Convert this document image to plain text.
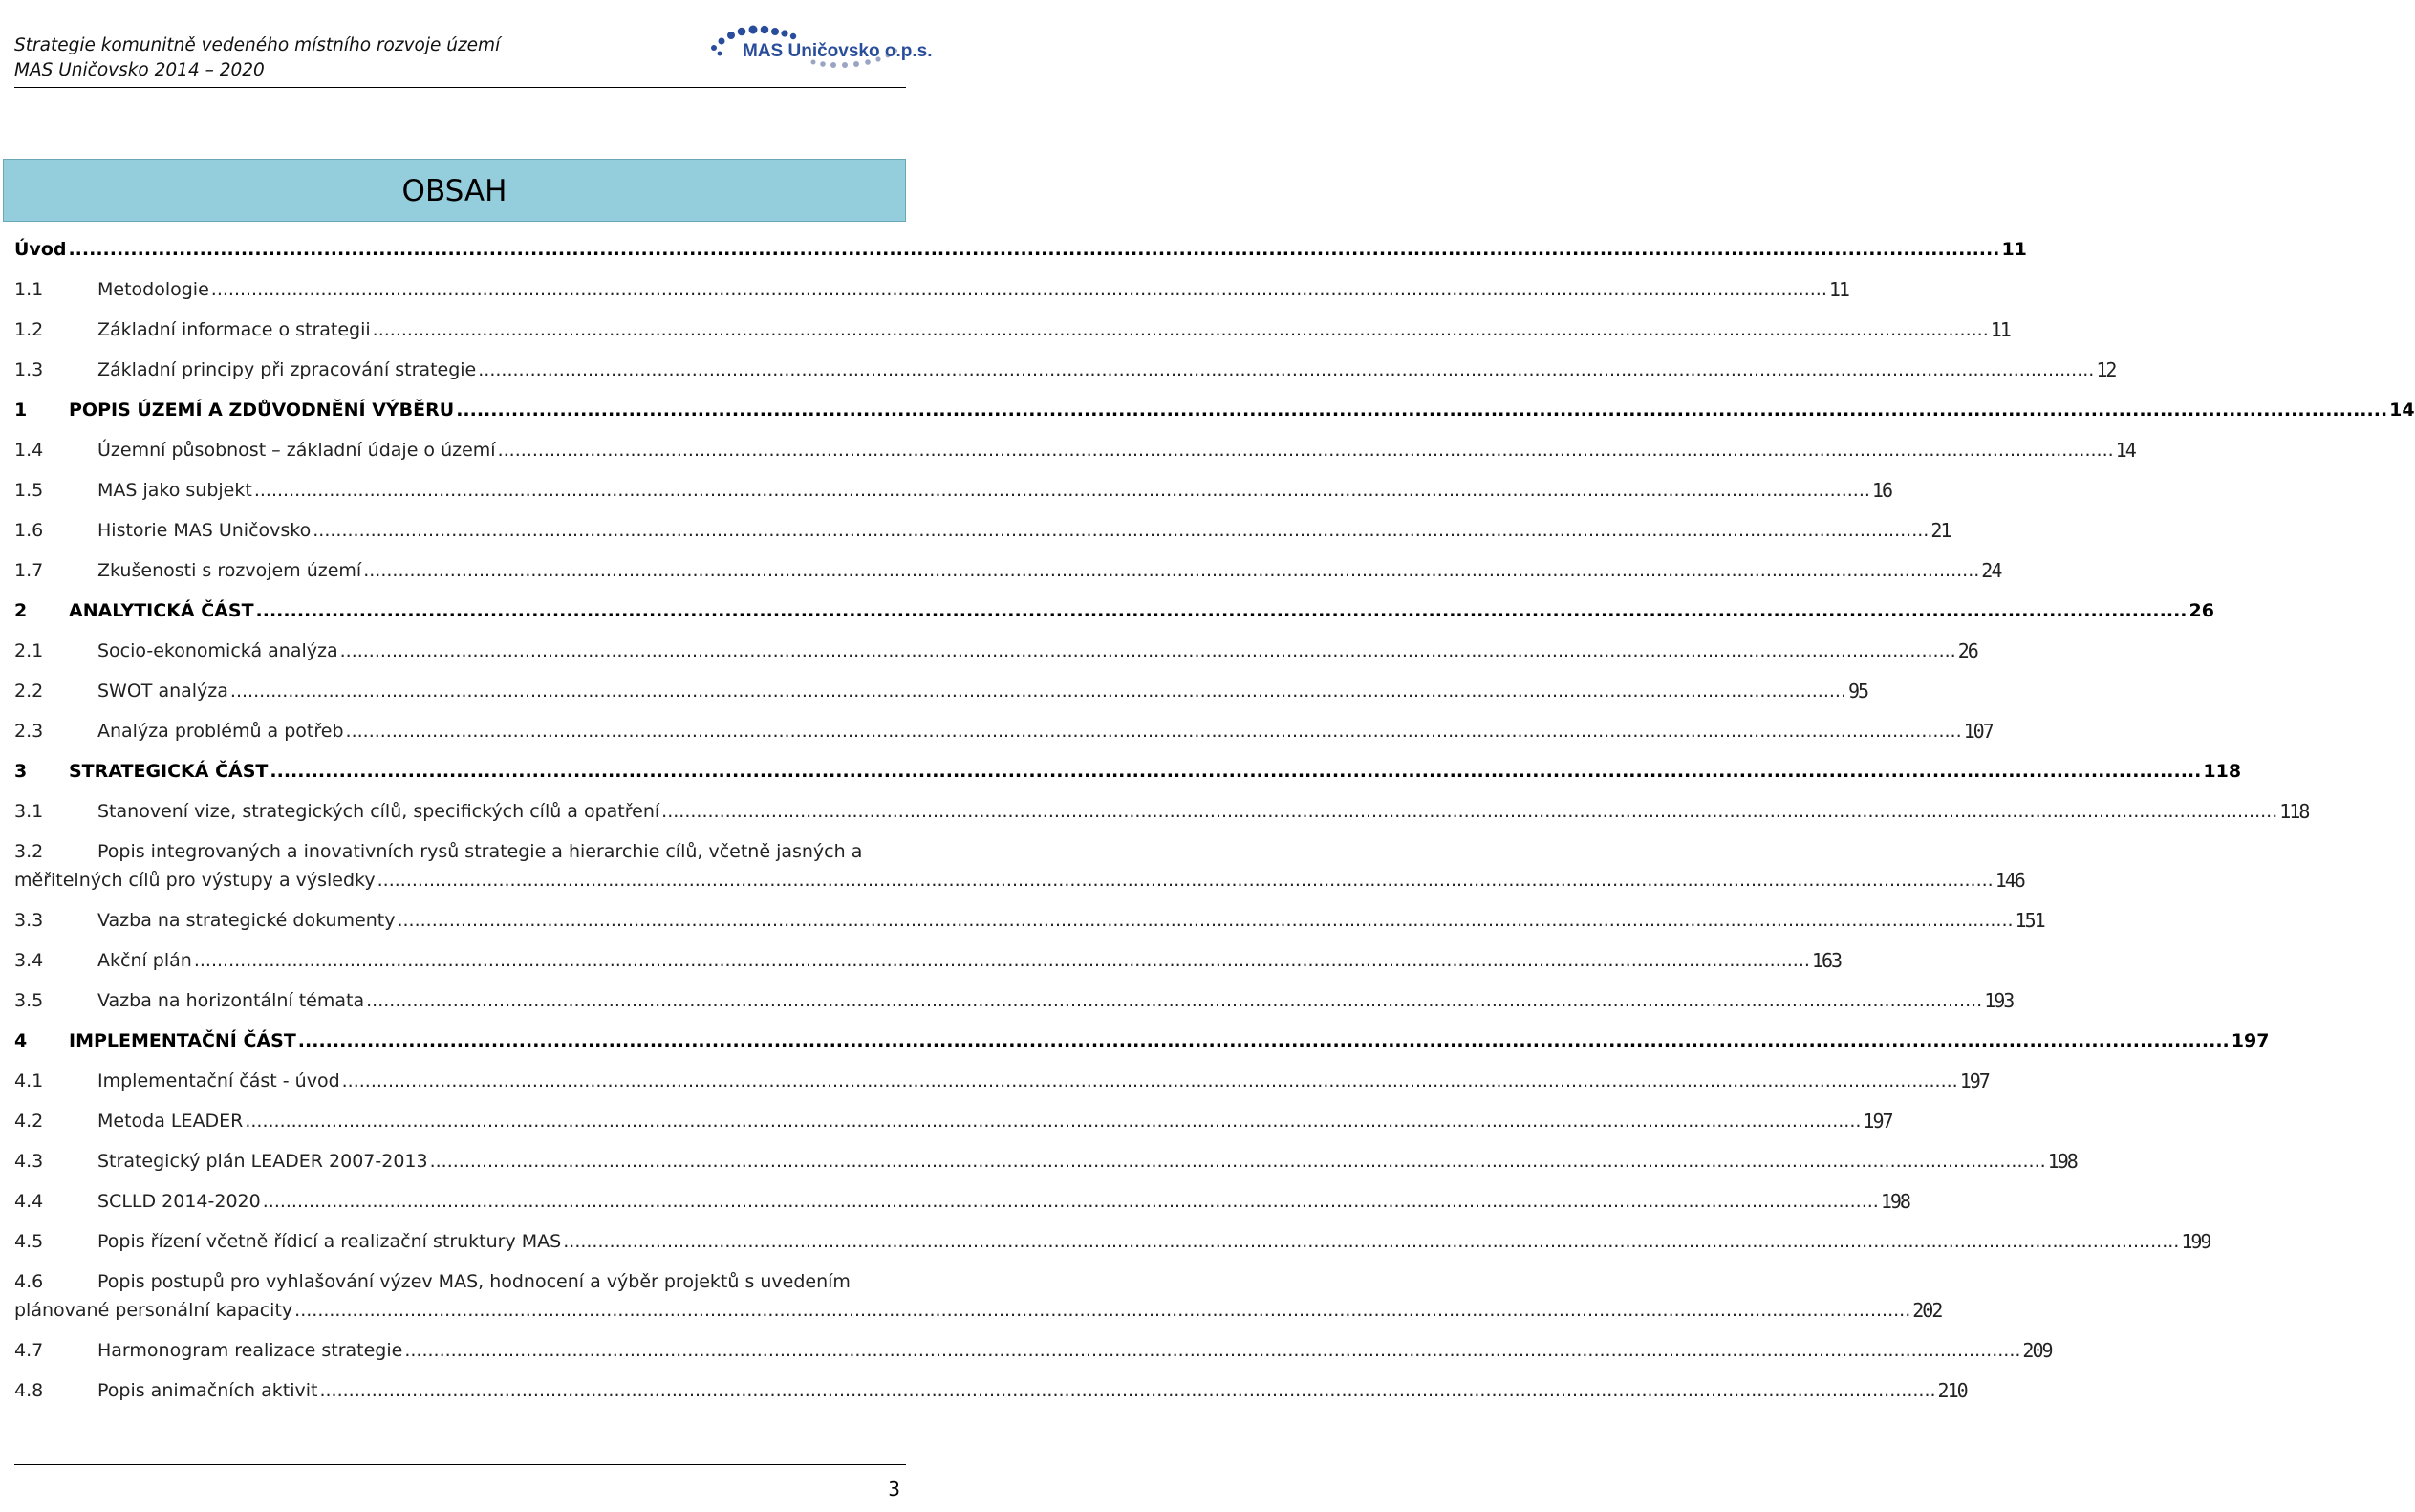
Strategie komunitně vedeného místního rozvoje území
MAS Uničovsko 2014 – 2020
MAS Uničovsko o.p.s.
OBSAH
Úvod .....	11
1.1	Metodologie .....	11
1.2	Základní informace o strategii .....	11
1.3	Základní principy při zpracování strategie .....	12
1	POPIS ÚZEMÍ A ZDŮVODNĚNÍ VÝBĚRU .....	14
1.4	Územní působnost – základní údaje o území .....	14
1.5	MAS jako subjekt .....	16
1.6	Historie MAS Uničovsko .....	21
1.7	Zkušenosti s rozvojem území .....	24
2	ANALYTICKÁ ČÁST .....	26
2.1	Socio-ekonomická analýza .....	26
2.2	SWOT analýza .....	95
2.3	Analýza problémů a potřeb .....	107
3	STRATEGICKÁ ČÁST .....	118
3.1	Stanovení vize, strategických cílů, specifických cílů a opatření .....	118
3.2	Popis integrovaných a inovativních rysů strategie a hierarchie cílů, včetně jasných a
měřitelných cílů pro výstupy a výsledky .....	146
3.3	Vazba na strategické dokumenty .....	151
3.4	Akční plán .....	163
3.5	Vazba na horizontální témata .....	193
4	IMPLEMENTAČNÍ ČÁST .....	197
4.1	Implementační část - úvod .....	197
4.2	Metoda LEADER .....	197
4.3	Strategický plán LEADER 2007-2013 .....	198
4.4	SCLLD 2014-2020 .....	198
4.5	Popis řízení včetně řídicí a realizační struktury MAS .....	199
4.6	Popis postupů pro vyhlašování výzev MAS, hodnocení a výběr projektů s uvedením
plánované personální kapacity .....	202
4.7	Harmonogram realizace strategie .....	209
4.8	Popis animačních aktivit .....	210
3
